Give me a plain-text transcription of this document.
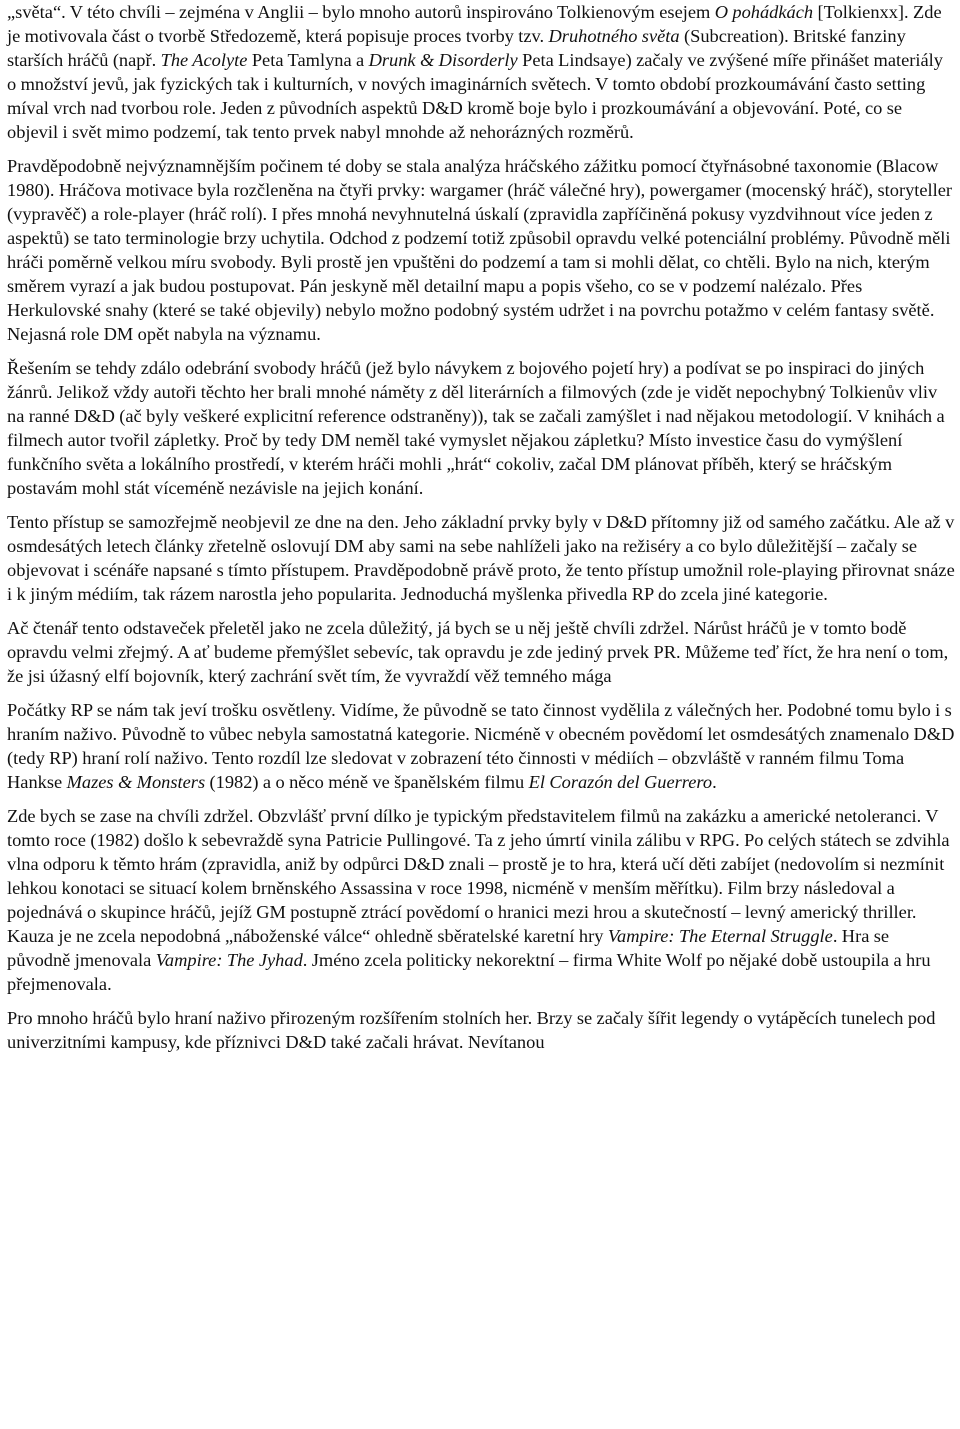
„světa“. V této chvíli – zejména v Anglii – bylo mnoho autorů inspirováno Tolkienovým esejem O pohádkách [Tolkienxx]. Zde je motivovala část o tvorbě Středozemě, která popisuje proces tvorby tzv. Druhotného světa (Subcreation). Britské fanziny starších hráčů (např. The Acolyte Peta Tamlyna a Drunk & Disorderly Peta Lindsaye) začaly ve zvýšené míře přinášet materiály o množství jevů, jak fyzických tak i kulturních, v nových imaginárních světech. V tomto období prozkoumávání často setting míval vrch nad tvorbou role. Jeden z původních aspektů D&D kromě boje bylo i prozkoumávání a objevování. Poté, co se objevil i svět mimo podzemí, tak tento prvek nabyl mnohde až nehorázných rozměrů.

Pravděpodobně nejvýznamnějším počinem té doby se stala analýza hráčského zážitku pomocí čtyřnásobné taxonomie (Blacow 1980). Hráčova motivace byla rozčleněna na čtyři prvky: wargamer (hráč válečné hry), powergamer (mocenský hráč), storyteller (vypravěč) a role-player (hráč rolí). I přes mnohá nevyhnutelná úskalí (zpravidla zapříčiněná pokusy vyzdvihnout více jeden z aspektů) se tato terminologie brzy uchytila. Odchod z podzemí totiž způsobil opravdu velké potenciální problémy. Původně měli hráči poměrně velkou míru svobody. Byli prostě jen vpuštěni do podzemí a tam si mohli dělat, co chtěli. Bylo na nich, kterým směrem vyrazí a jak budou postupovat. Pán jeskyně měl detailní mapu a popis všeho, co se v podzemí nalézalo. Přes Herkulovské snahy (které se také objevily) nebylo možno podobný systém udržet i na povrchu potažmo v celém fantasy světě. Nejasná role DM opět nabyla na významu.

Řešením se tehdy zdálo odebrání svobody hráčů (jež bylo návykem z bojového pojetí hry) a podívat se po inspiraci do jiných žánrů. Jelikož vždy autoři těchto her brali mnohé náměty z děl literárních a filmových (zde je vidět nepochybný Tolkienův vliv na ranné D&D (ač byly veškeré explicitní reference odstraněny)), tak se začali zamýšlet i nad nějakou metodologií. V knihách a filmech autor tvořil zápletky. Proč by tedy DM neměl také vymyslet nějakou zápletku? Místo investice času do vymýšlení funkčního světa a lokálního prostředí, v kterém hráči mohli „hrát“ cokoliv, začal DM plánovat příběh, který se hráčským postavám mohl stát víceméně nezávisle na jejich konání.

Tento přístup se samozřejmě neobjevil ze dne na den. Jeho základní prvky byly v D&D přítomny již od samého začátku. Ale až v osmdesátých letech články zřetelně oslovují DM aby sami na sebe nahlíželi jako na režiséry a co bylo důležitější – začaly se objevovat i scénáře napsané s tímto přístupem. Pravděpodobně právě proto, že tento přístup umožnil role-playing přirovnat snáze i k jiným médiím, tak rázem narostla jeho popularita. Jednoduchá myšlenka přivedla RP do zcela jiné kategorie.

Ač čtenář tento odstaveček přeletěl jako ne zcela důležitý, já bych se u něj ještě chvíli zdržel. Nárůst hráčů je v tomto bodě opravdu velmi zřejmý. A ať budeme přemýšlet sebevíc, tak opravdu je zde jediný prvek PR. Můžeme teď říct, že hra není o tom, že jsi úžasný elfí bojovník, který zachrání svět tím, že vyvraždí věž temného mága

Počátky RP se nám tak jeví trošku osvětleny. Vidíme, že původně se tato činnost vydělila z válečných her. Podobné tomu bylo i s hraním naživo. Původně to vůbec nebyla samostatná kategorie. Nicméně v obecném povědomí let osmdesátých znamenalo D&D (tedy RP) hraní rolí naživo. Tento rozdíl lze sledovat v zobrazení této činnosti v médiích – obzvláště v ranném filmu Toma Hankse Mazes & Monsters (1982) a o něco méně ve španělském filmu El Corazón del Guerrero.

Zde bych se zase na chvíli zdržel. Obzvlášť první dílko je typickým představitelem filmů na zakázku a americké netoleranci. V tomto roce (1982) došlo k sebevraždě syna Patricie Pullingové. Ta z jeho úmrtí vinila zálibu v RPG. Po celých státech se zdvihla vlna odporu k těmto hrám (zpravidla, aniž by odpůrci D&D znali – prostě je to hra, která učí děti zabíjet (nedovolím si nezmínit lehkou konotaci se situací kolem brněnského Assassina v roce 1998, nicméně v menším měřítku). Film brzy následoval a pojednává o skupince hráčů, jejíž GM postupně ztrácí povědomí o hranici mezi hrou a skutečností – levný americký thriller. Kauza je ne zcela nepodobná „náboženské válce“ ohledně sběratelské karetní hry Vampire: The Eternal Struggle. Hra se původně jmenovala Vampire: The Jyhad. Jméno zcela politicky nekorektní – firma White Wolf po nějaké době ustoupila a hru přejmenovala.

Pro mnoho hráčů bylo hraní naživo přirozeným rozšířením stolních her. Brzy se začaly šířit legendy o vytápěcích tunelech pod univerzitními kampusy, kde příznivci D&D také začali hrávat. Nevítanou
